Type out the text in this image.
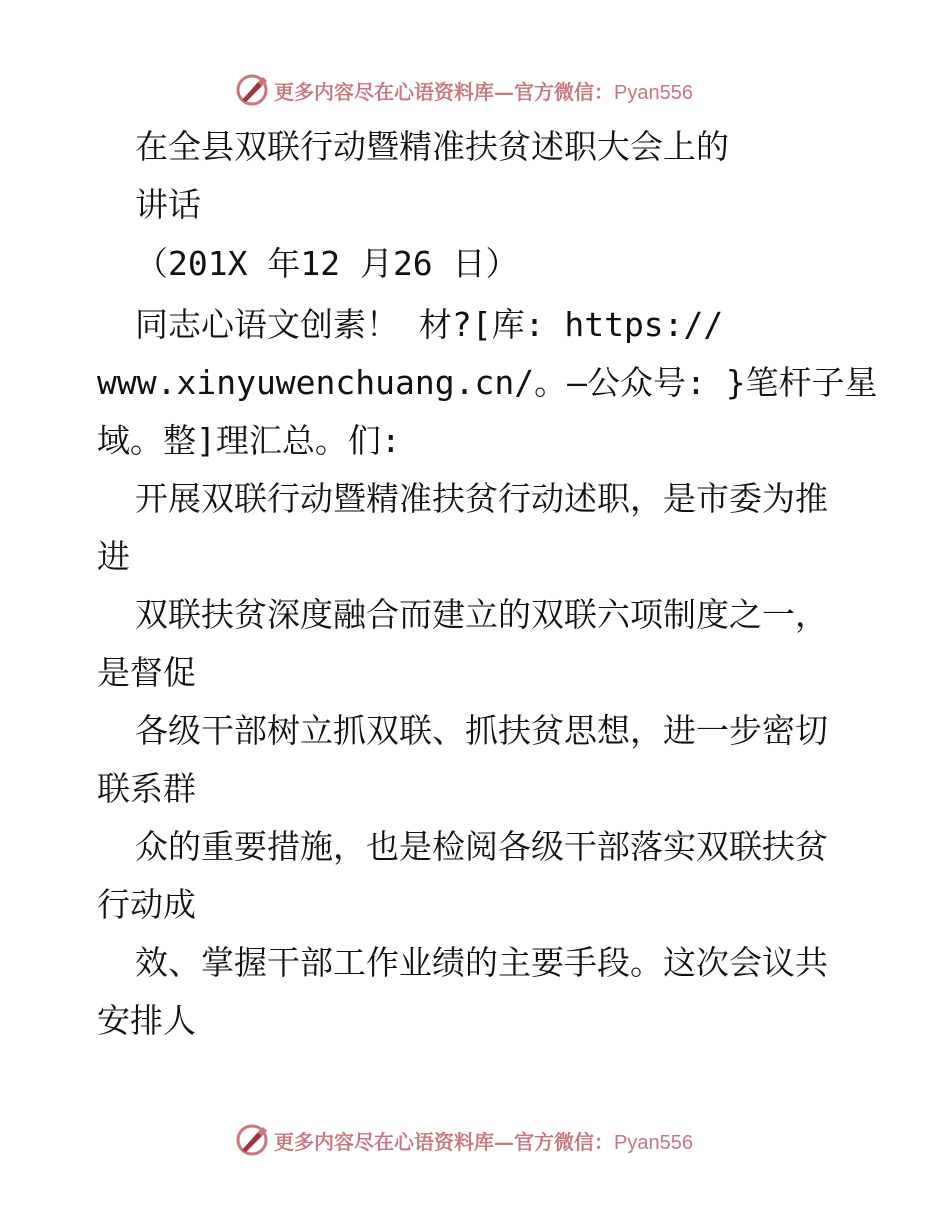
更多内容尽在心语资料库—官方微信：Pyan556
在全县双联行动暨精准扶贫述职大会上的
讲话
（201X 年12 月26 日）
同志心语文创素！ 材?[库: https://
www.xinyuwenchuang.cn/。—公众号: }笔杆子星
域。整]理汇总。们:
开展双联行动暨精准扶贫行动述职，是市委为推
进
双联扶贫深度融合而建立的双联六项制度之一，
是督促
各级干部树立抓双联、抓扶贫思想，进一步密切
联系群
众的重要措施，也是检阅各级干部落实双联扶贫
行动成
效、掌握干部工作业绩的主要手段。这次会议共
安排人
更多内容尽在心语资料库—官方微信：Pyan556
